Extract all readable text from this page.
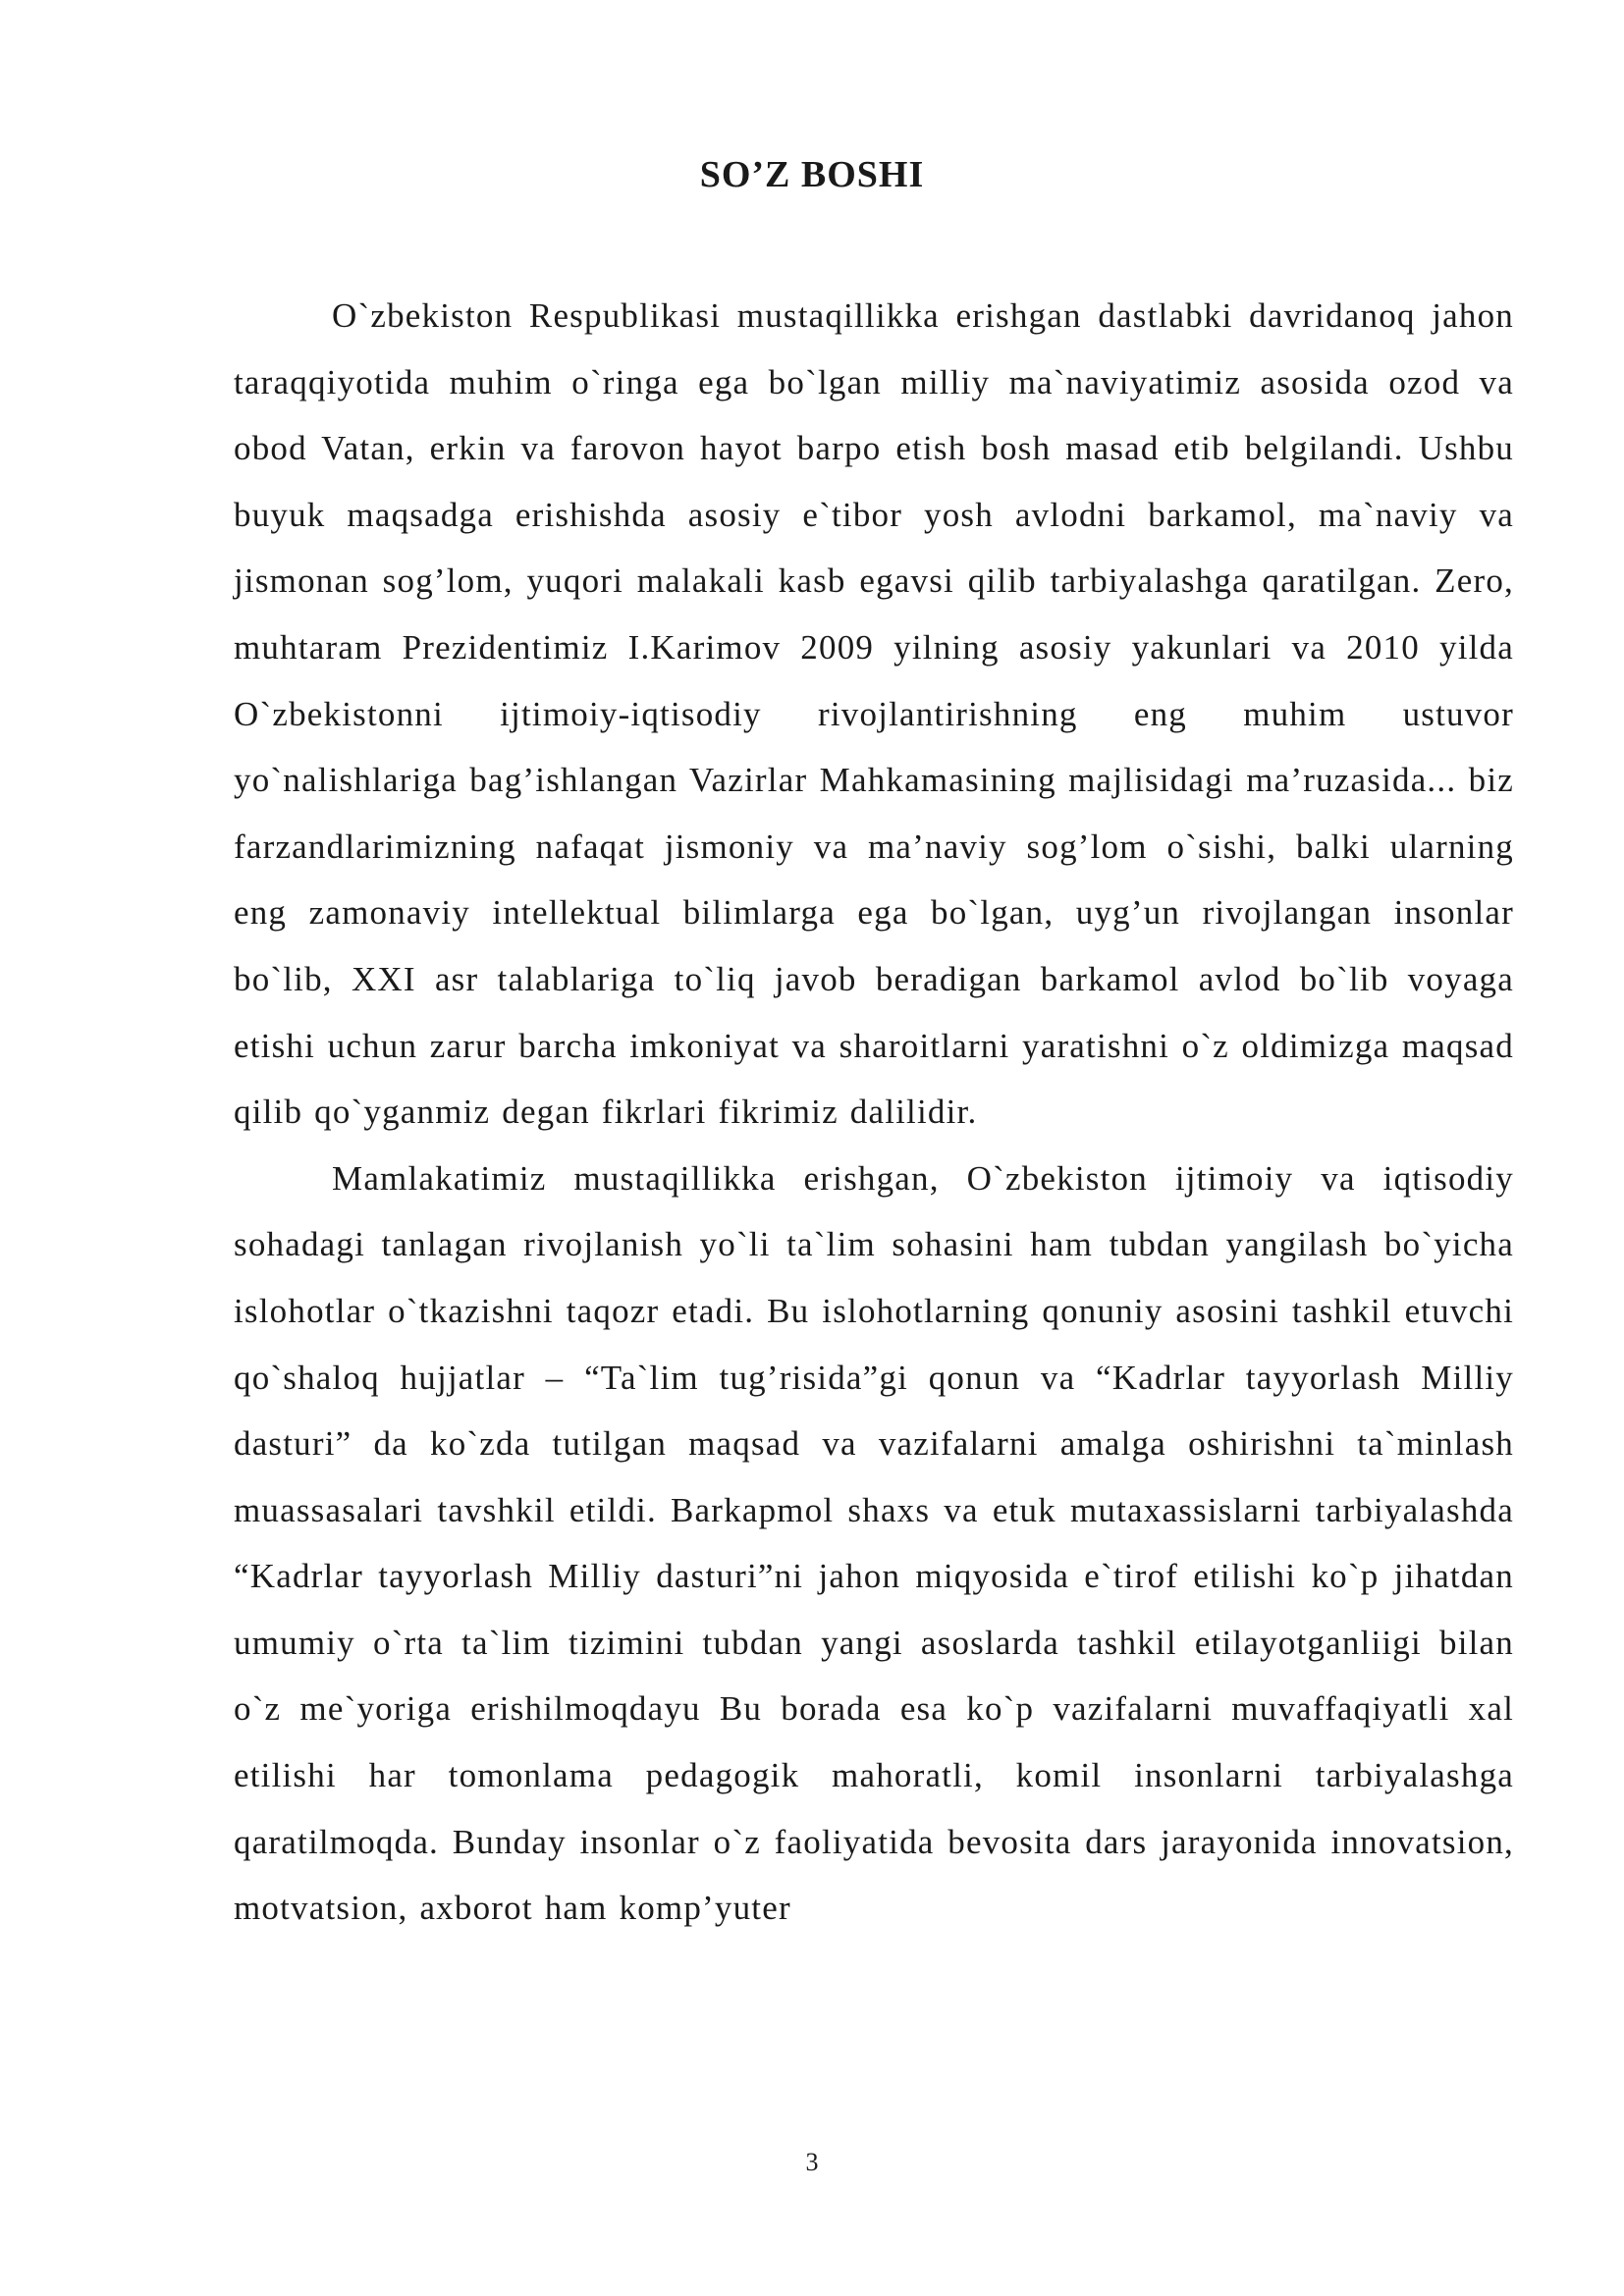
SO’Z BOSHI

O`zbekiston Respublikasi mustaqillikka erishgan dastlabki davridanoq jahon taraqqiyotida muhim o`ringa ega bo`lgan milliy ma`naviyatimiz asosida ozod va obod Vatan, erkin va farovon hayot barpo etish bosh masad etib belgilandi. Ushbu buyuk maqsadga erishishda asosiy e`tibor yosh avlodni barkamol, ma`naviy va jismonan sog’lom, yuqori malakali kasb egavsi qilib tarbiyalashga qaratilgan. Zero, muhtaram Prezidentimiz I.Karimov 2009 yilning asosiy yakunlari va 2010 yilda O`zbekistonni ijtimoiy-iqtisodiy rivojlantirishning eng muhim ustuvor yo`nalishlariga bag’ishlangan Vazirlar Mahkamasining majlisidagi ma’ruzasida... biz farzandlarimizning nafaqat jismoniy va ma’naviy sog’lom o`sishi, balki ularning eng zamonaviy intellektual bilimlarga ega bo`lgan, uyg’un rivojlangan insonlar bo`lib, XXI asr talablariga to`liq javob beradigan barkamol avlod bo`lib voyaga etishi uchun zarur barcha imkoniyat va sharoitlarni yaratishni o`z oldimizga maqsad qilib qo`yganmiz degan fikrlari fikrimiz dalilidir.

Mamlakatimiz mustaqillikka erishgan, O`zbekiston ijtimoiy va iqtisodiy sohadagi tanlagan rivojlanish yo`li ta`lim sohasini ham tubdan yangilash bo`yicha islohotlar o`tkazishni taqozr etadi. Bu islohotlarning qonuniy asosini tashkil etuvchi qo`shaloq hujjatlar – “Ta`lim tug’risida”gi qonun va “Kadrlar tayyorlash Milliy dasturi” da ko`zda tutilgan maqsad va vazifalarni amalga oshirishni ta`minlash muassasalari tavshkil etildi. Barkapmol shaxs va etuk mutaxassislarni tarbiyalashda “Kadrlar tayyorlash Milliy dasturi”ni jahon miqyosida e`tirof etilishi ko`p jihatdan umumiy o`rta ta`lim tizimini tubdan yangi asoslarda tashkil etilayotganliigi bilan o`z me`yoriga erishilmoqdayu Bu borada esa ko`p vazifalarni muvaffaqiyatli xal etilishi har tomonlama pedagogik mahoratli, komil insonlarni tarbiyalashga qaratilmoqda. Bunday insonlar o`z faoliyatida bevosita dars jarayonida innovatsion, motvatsion, axborot ham komp’yuter

3
